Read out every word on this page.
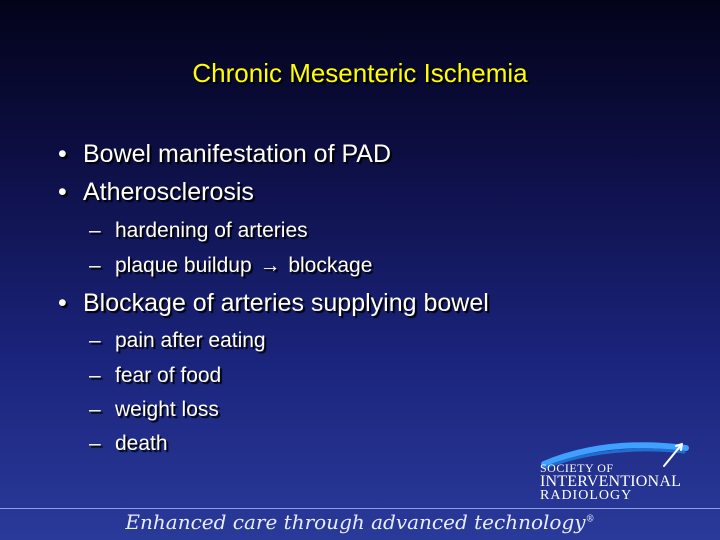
Chronic Mesenteric Ischemia
• Bowel manifestation of PAD
• Atherosclerosis
– hardening of arteries
– plaque buildup → blockage
• Blockage of arteries supplying bowel
– pain after eating
– fear of food
– weight loss
– death
SOCIETY OF
INTERVENTIONAL
RADIOLOGY
Enhanced care through advanced technology®
